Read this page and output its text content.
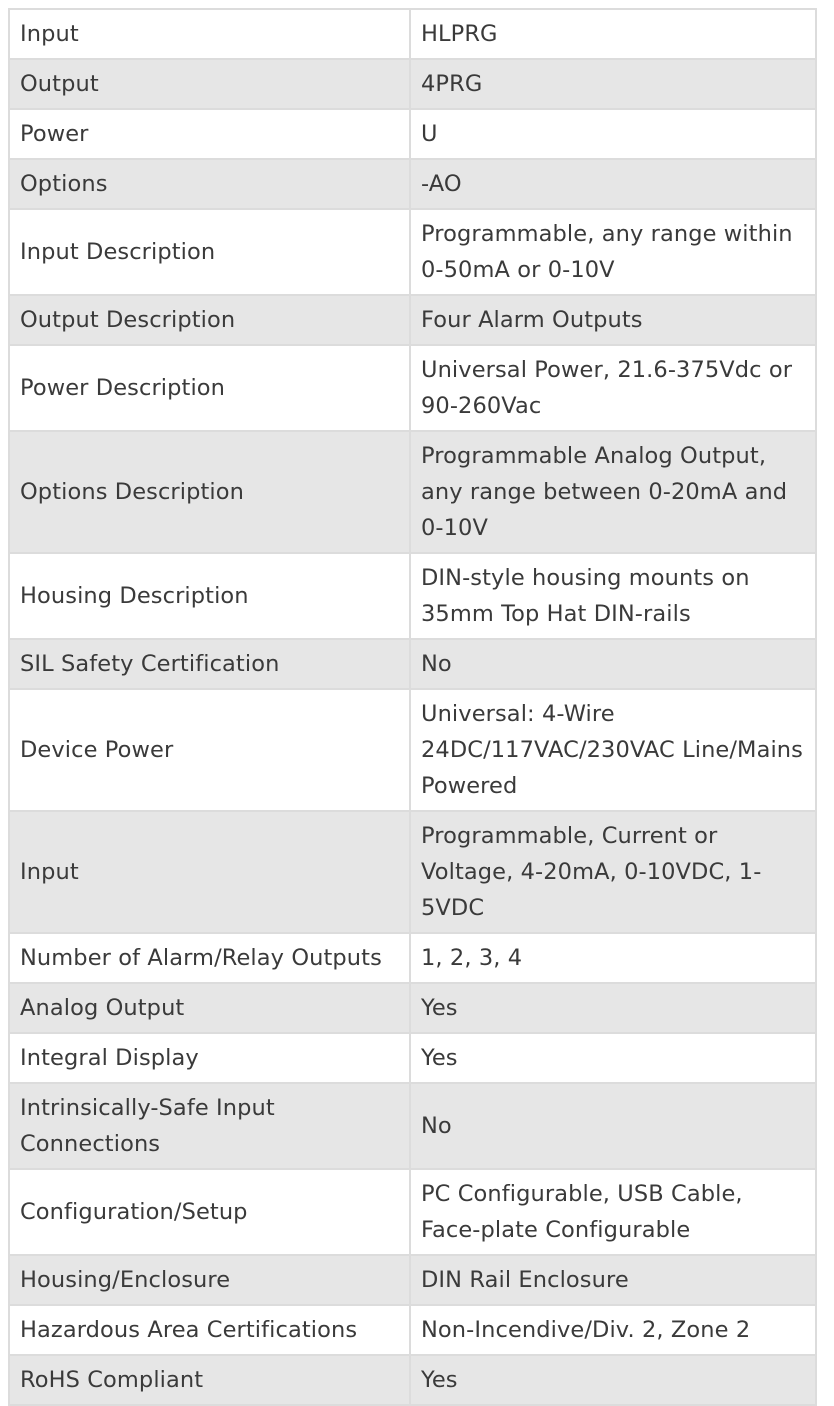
Input	HLPRG
Output	4PRG
Power	U
Options	-AO
Input Description	Programmable, any range within 0-50mA or 0-10V
Output Description	Four Alarm Outputs
Power Description	Universal Power, 21.6-375Vdc or 90-260Vac
Options Description	Programmable Analog Output, any range between 0-20mA and 0-10V
Housing Description	DIN-style housing mounts on 35mm Top Hat DIN-rails
SIL Safety Certification	No
Device Power	Universal: 4-Wire 24DC/117VAC/230VAC Line/Mains Powered
Input	Programmable, Current or Voltage, 4-20mA, 0-10VDC, 1-5VDC
Number of Alarm/Relay Outputs	1, 2, 3, 4
Analog Output	Yes
Integral Display	Yes
Intrinsically-Safe Input Connections	No
Configuration/Setup	PC Configurable, USB Cable, Face-plate Configurable
Housing/Enclosure	DIN Rail Enclosure
Hazardous Area Certifications	Non-Incendive/Div. 2, Zone 2
RoHS Compliant	Yes
